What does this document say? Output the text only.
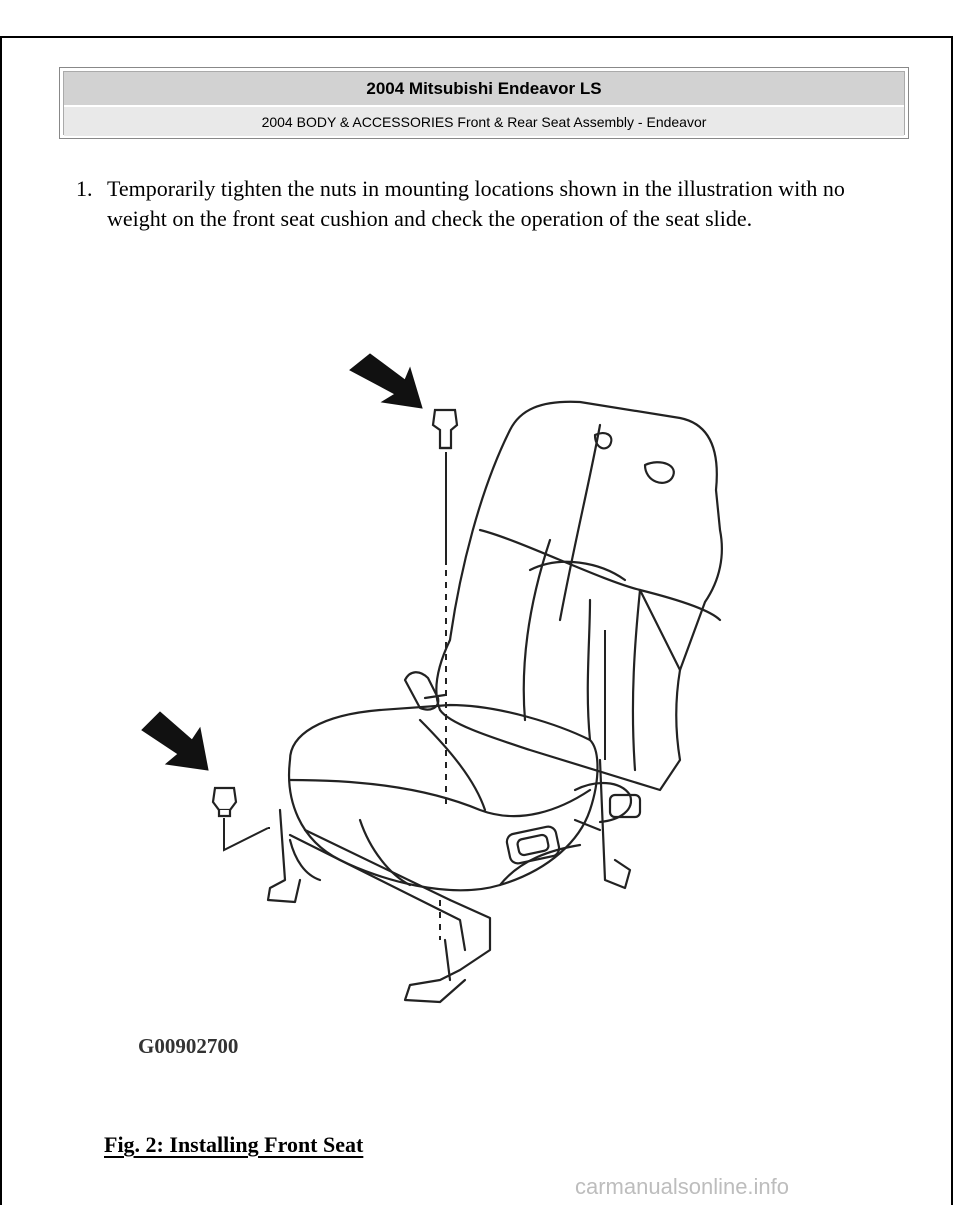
2004 Mitsubishi Endeavor LS
2004 BODY & ACCESSORIES Front & Rear Seat Assembly - Endeavor
1. Temporarily tighten the nuts in mounting locations shown in the illustration with no weight on the front seat cushion and check the operation of the seat slide.
G00902700
Fig. 2: Installing Front Seat
carmanualsonline.info
